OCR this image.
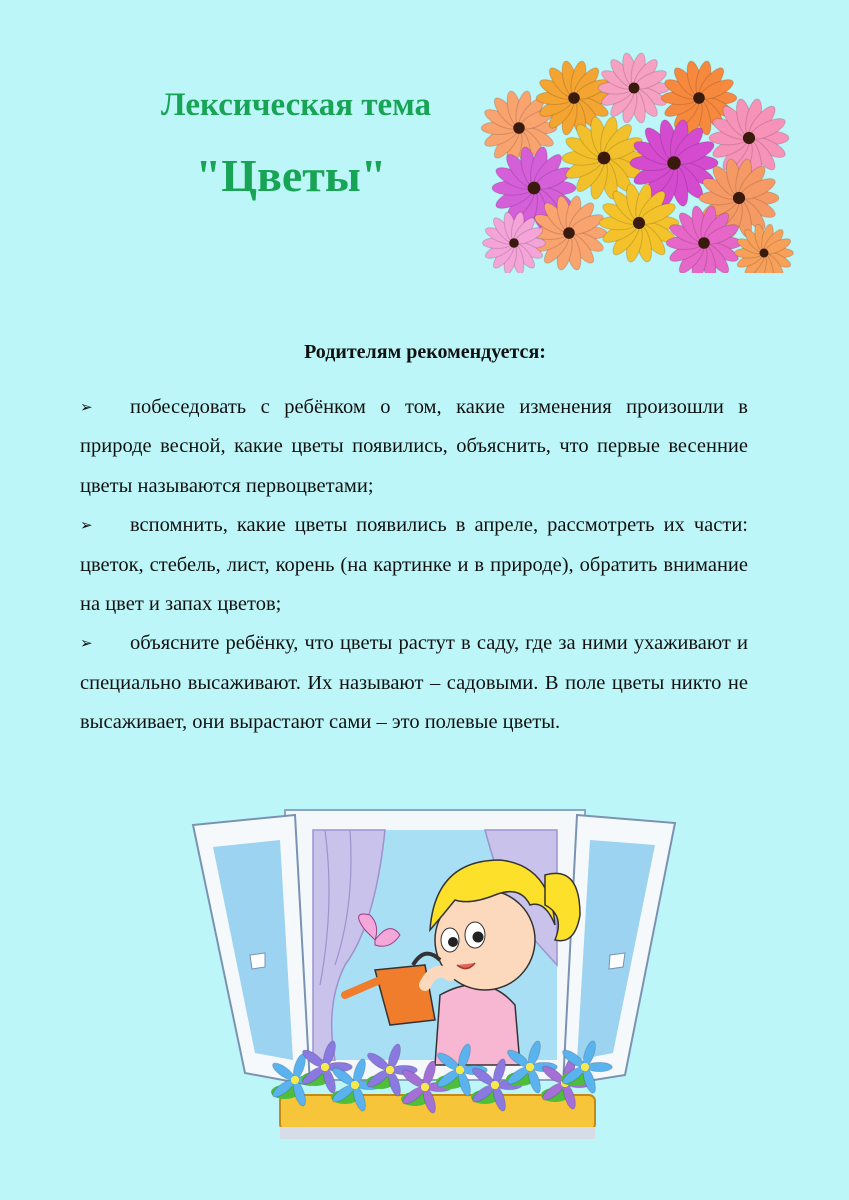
Лексическая тема
"Цветы"
Родителям рекомендуется:
➢ побеседовать с ребёнком о том, какие изменения произошли в природе весной, какие цветы появились, объяснить, что первые весенние цветы называются первоцветами;
➢ вспомнить, какие цветы появились в апреле, рассмотреть их части: цветок, стебель, лист, корень (на картинке и в природе), обратить внимание на цвет и запах цветов;
➢ объясните ребёнку, что цветы растут в саду, где за ними ухаживают и специально высаживают. Их называют – садовыми. В поле цветы никто не высаживает, они вырастают сами – это полевые цветы.
